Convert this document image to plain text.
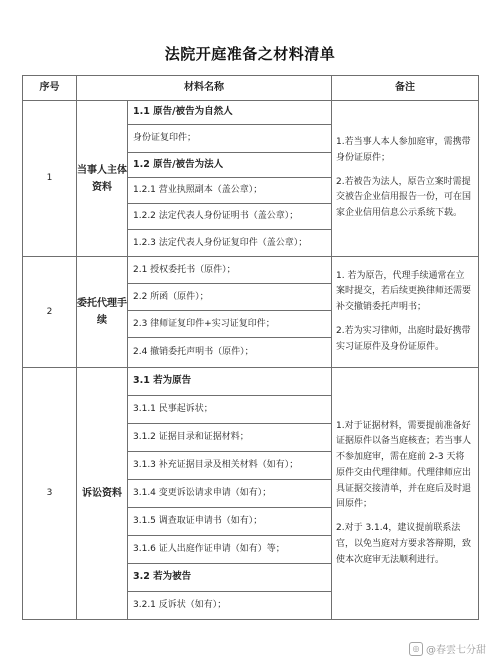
法院开庭准备之材料清单
序号	材料名称		备注
1	当事人主体资料	1.1 原告/被告为自然人	1.若当事人本人参加庭审，需携带身份证原件；

2.若被告为法人，原告立案时需提交被告企业信用报告一份，可在国家企业信用信息公示系统下载。

		身份证复印件；	
		1.2 原告/被告为法人	
		1.2.1 营业执照副本（盖公章）；	
		1.2.2 法定代表人身份证明书（盖公章）；	
		1.2.3 法定代表人身份证复印件（盖公章）；	
2	委托代理手续	2.1 授权委托书（原件）；	1. 若为原告，代理手续通常在立案时提交，若后续更换律师还需要补交撤销委托声明书；

2.若为实习律师，出庭时最好携带实习证原件及身份证原件。

		2.2 所函（原件）；	
		2.3 律师证复印件+实习证复印件；	
		2.4 撤销委托声明书（原件）；	
3	诉讼资料	3.1 若为原告	1.对于证据材料，需要提前准备好证据原件以备当庭核查；若当事人不参加庭审，需在庭前 2-3 天将原件交由代理律师。代理律师应出具证据交接清单，并在庭后及时退回原件；

2.对于 3.1.4，建议提前联系法官，以免当庭对方要求答辩期，致使本次庭审无法顺利进行。

		3.1.1 民事起诉状；	
		3.1.2 证据目录和证据材料；	
		3.1.3 补充证据目录及相关材料（如有）；	
		3.1.4 变更诉讼请求申请（如有）；	
		3.1.5 调查取证申请书（如有）；	
		3.1.6 证人出庭作证申请（如有）等；	
		3.2 若为被告	
		3.2.1 反诉状（如有）；	
◎ @春雲七分甜
